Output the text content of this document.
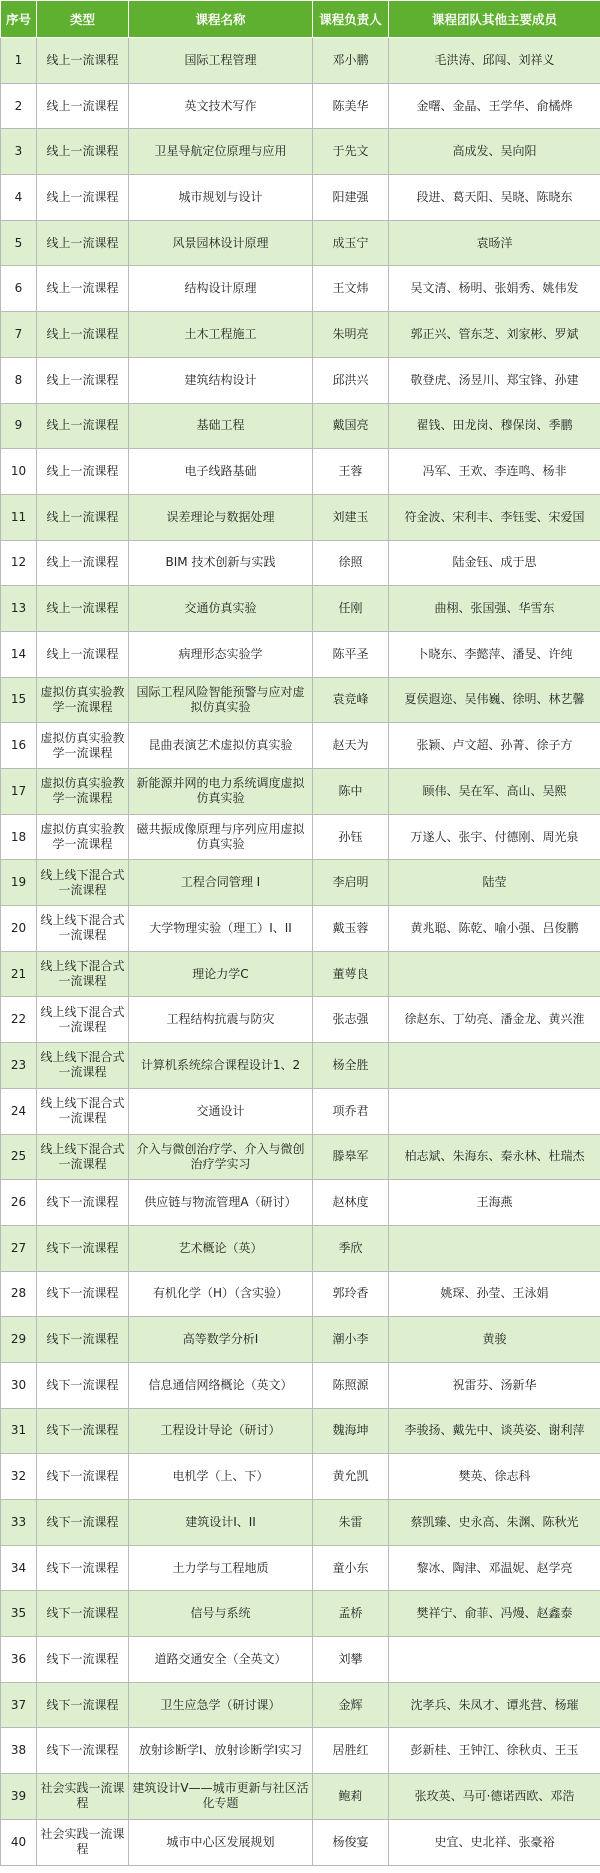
序号	类型	课程名称	课程负责人	课程团队其他主要成员
1	线上一流课程	国际工程管理	邓小鹏	毛洪涛、邱闯、刘祥义
2	线上一流课程	英文技术写作	陈美华	金曙、金晶、王学华、俞橘烨
3	线上一流课程	卫星导航定位原理与应用	于先文	高成发、吴向阳
4	线上一流课程	城市规划与设计	阳建强	段进、葛天阳、吴晓、陈晓东
5	线上一流课程	风景园林设计原理	成玉宁	袁旸洋
6	线上一流课程	结构设计原理	王文炜	吴文清、杨明、张娟秀、姚伟发
7	线上一流课程	土木工程施工	朱明亮	郭正兴、管东芝、刘家彬、罗斌
8	线上一流课程	建筑结构设计	邱洪兴	敬登虎、汤昱川、郑宝锋、孙建
9	线上一流课程	基础工程	戴国亮	翟钱、田龙岗、穆保岗、季鹏
10	线上一流课程	电子线路基础	王蓉	冯军、王欢、李连鸣、杨非
11	线上一流课程	误差理论与数据处理	刘建玉	符金波、宋利丰、李钰雯、宋爱国
12	线上一流课程	BIM 技术创新与实践	徐照	陆金钰、成于思
13	线上一流课程	交通仿真实验	任刚	曲栩、张国强、华雪东
14	线上一流课程	病理形态实验学	陈平圣	卜晓东、李懿萍、潘旻、许纯
15	虚拟仿真实验教学一流课程	国际工程风险智能预警与应对虚拟仿真实验	袁竞峰	夏侯遐迩、吴伟巍、徐明、林艺馨
16	虚拟仿真实验教学一流课程	昆曲表演艺术虚拟仿真实验	赵天为	张颖、卢文超、孙菁、徐子方
17	虚拟仿真实验教学一流课程	新能源并网的电力系统调度虚拟仿真实验	陈中	顾伟、吴在军、高山、吴熙
18	虚拟仿真实验教学一流课程	磁共振成像原理与序列应用虚拟仿真实验	孙钰	万遂人、张宇、付德刚、周光泉
19	线上线下混合式一流课程	工程合同管理 I	李启明	陆莹
20	线上线下混合式一流课程	大学物理实验（理工）I、II	戴玉蓉	黄兆聪、陈乾、喻小强、吕俊鹏
21	线上线下混合式一流课程	理论力学C	董萼良	
22	线上线下混合式一流课程	工程结构抗震与防灾	张志强	徐赵东、丁幼亮、潘金龙、黄兴淮
23	线上线下混合式一流课程	计算机系统综合课程设计1、2	杨全胜	
24	线上线下混合式一流课程	交通设计	项乔君	
25	线上线下混合式一流课程	介入与微创治疗学、介入与微创治疗学实习	滕皋军	柏志斌、朱海东、秦永林、杜瑞杰
26	线下一流课程	供应链与物流管理A（研讨）	赵林度	王海燕
27	线下一流课程	艺术概论（英）	季欣	
28	线下一流课程	有机化学（H）（含实验）	郭玲香	姚琛、孙莹、王泳娟
29	线下一流课程	高等数学分析I	潮小李	黄骏
30	线下一流课程	信息通信网络概论（英文）	陈照源	祝雷芬、汤新华
31	线下一流课程	工程设计导论（研讨）	魏海坤	李骏扬、戴先中、谈英姿、谢利萍
32	线下一流课程	电机学（上、下）	黄允凯	樊英、徐志科
33	线下一流课程	建筑设计I、II	朱雷	蔡凯臻、史永高、朱渊、陈秋光
34	线下一流课程	土力学与工程地质	童小东	黎冰、陶津、邓温妮、赵学亮
35	线下一流课程	信号与系统	孟桥	樊祥宁、俞菲、冯熳、赵鑫泰
36	线下一流课程	道路交通安全（全英文）	刘攀	
37	线下一流课程	卫生应急学（研讨课）	金辉	沈孝兵、朱凤才、谭兆营、杨璀
38	线下一流课程	放射诊断学I、放射诊断学I实习	居胜红	彭新桂、王钟江、徐秋贞、王玉
39	社会实践一流课程	建筑设计V——城市更新与社区活化专题	鲍莉	张玫英、马可·德诺西欧、邓浩
40	社会实践一流课程	城市中心区发展规划	杨俊宴	史宜、史北祥、张豪裕
